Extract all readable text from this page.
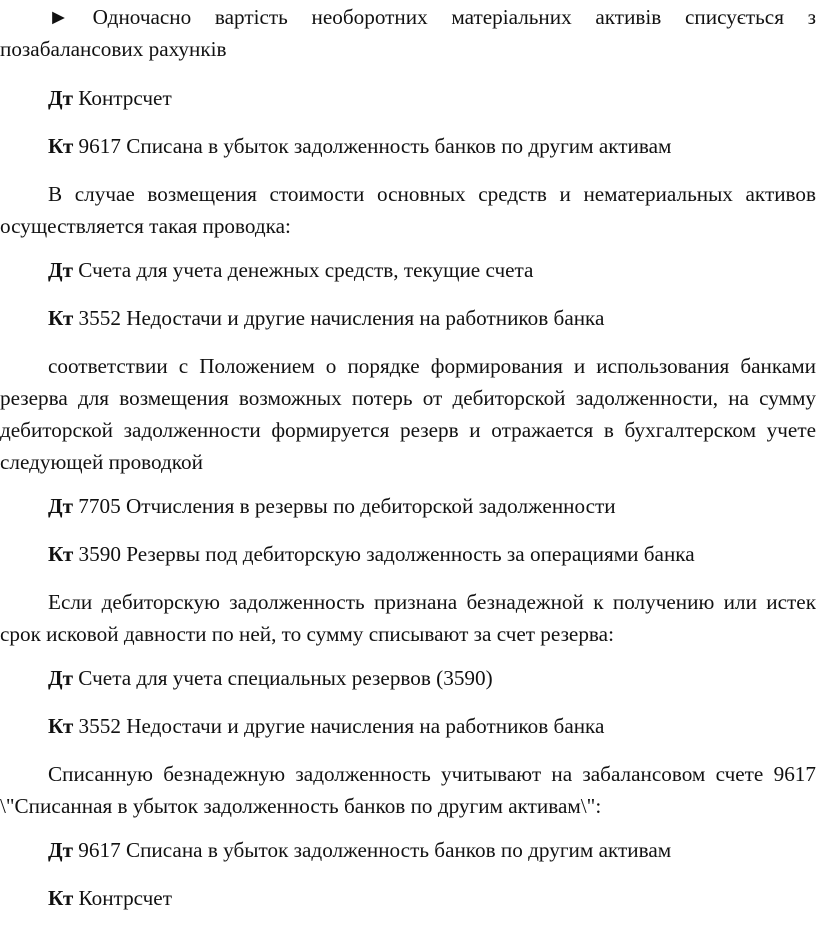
► Одночасно вартість необоротних матеріальних активів списується з позабалансових рахунків

Дт Контрсчет

Кт 9617 Списана в убыток задолженность банков по другим активам

В случае возмещения стоимости основных средств и нематериальных активов осуществляется такая проводка:

Дт Счета для учета денежных средств, текущие счета

Кт 3552 Недостачи и другие начисления на работников банка

соответствии с Положением о порядке формирования и использования банками резерва для возмещения возможных потерь от дебиторской задолженности, на сумму дебиторской задолженности формируется резерв и отражается в бухгалтерском учете следующей проводкой

Дт 7705 Отчисления в резервы по дебиторской задолженности

Кт 3590 Резервы под дебиторскую задолженность за операциями банка

Если дебиторскую задолженность признана безнадежной к получению или истек срок исковой давности по ней, то сумму списывают за счет резерва:

Дт Счета для учета специальных резервов (3590)

Кт 3552 Недостачи и другие начисления на работников банка

Списанную безнадежную задолженность учитывают на забалансовом счете 9617 \"Списанная в убыток задолженность банков по другим активам\":

Дт 9617 Списана в убыток задолженность банков по другим активам

Кт Контрсчет
